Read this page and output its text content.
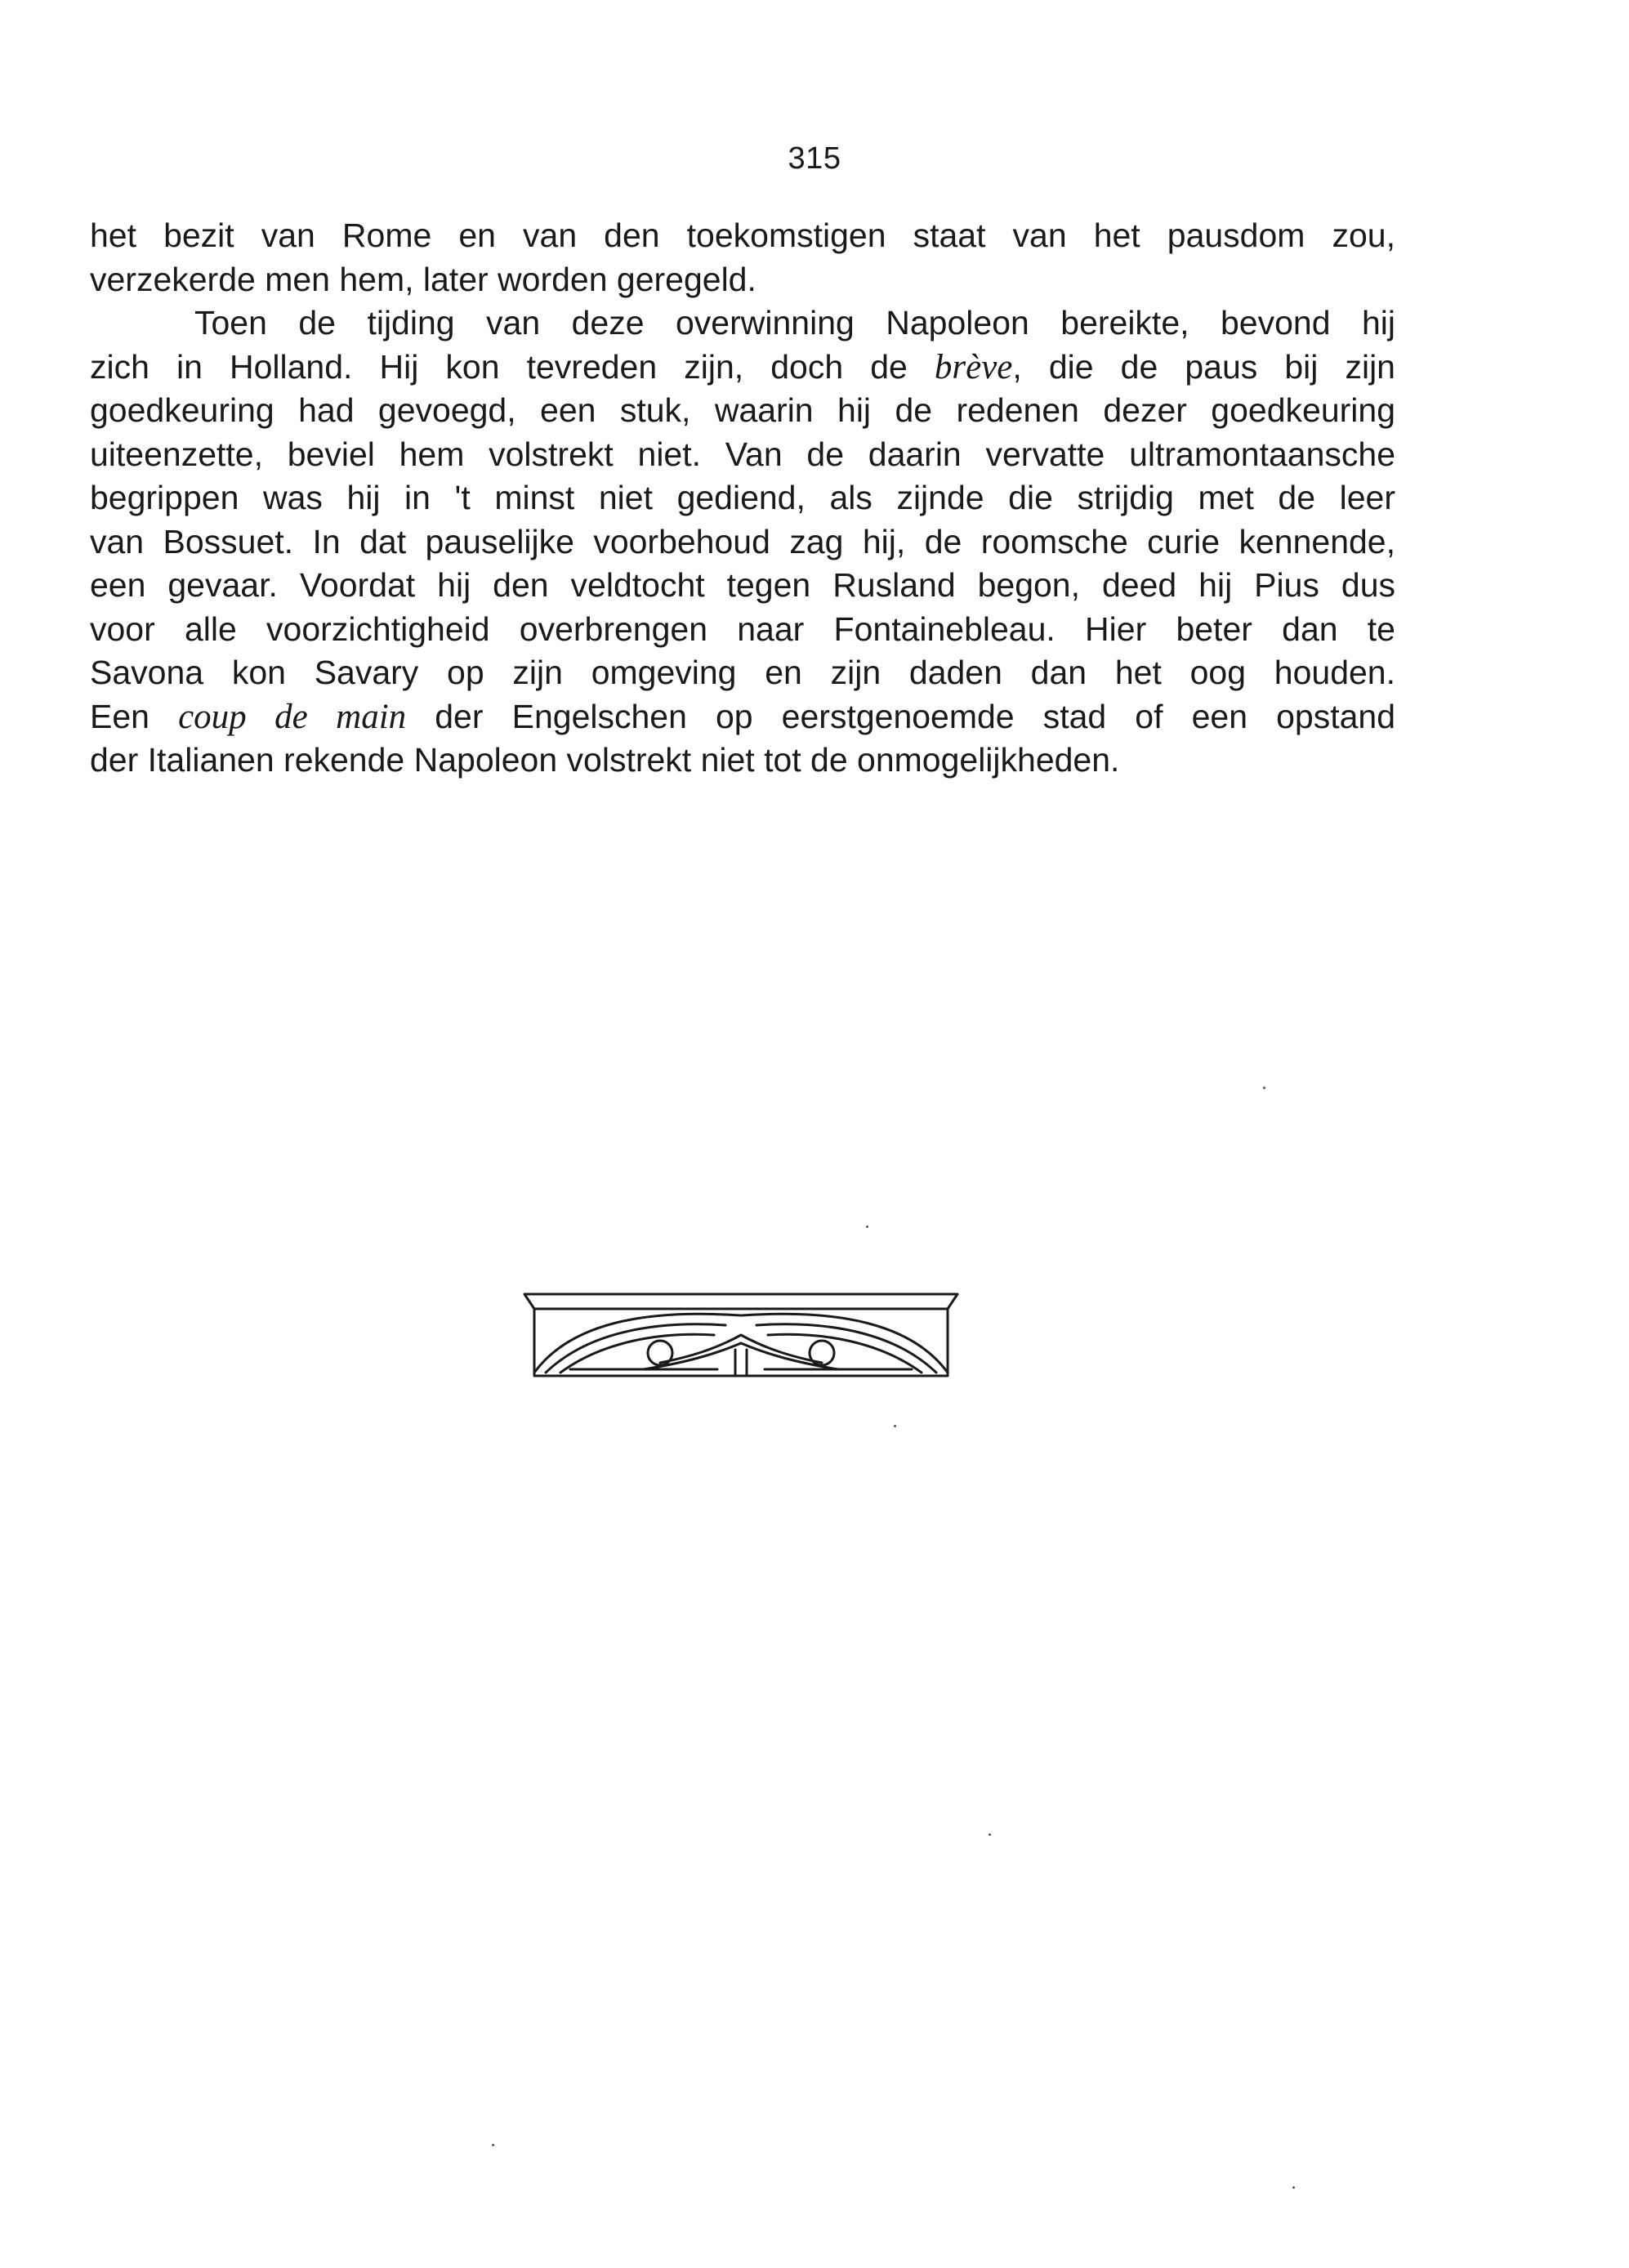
315
het bezit van Rome en van den toekomstigen staat van het pausdom zou,
verzekerde men hem, later worden geregeld.
Toen de tijding van deze overwinning Napoleon bereikte, bevond hij
zich in Holland. Hij kon tevreden zijn, doch de brève, die de paus bij zijn
goedkeuring had gevoegd, een stuk, waarin hij de redenen dezer goedkeuring
uiteenzette, beviel hem volstrekt niet. Van de daarin vervatte ultramontaansche
begrippen was hij in 't minst niet gediend, als zijnde die strijdig met de leer
van Bossuet. In dat pauselijke voorbehoud zag hij, de roomsche curie kennende,
een gevaar. Voordat hij den veldtocht tegen Rusland begon, deed hij Pius dus
voor alle voorzichtigheid overbrengen naar Fontainebleau. Hier beter dan te
Savona kon Savary op zijn omgeving en zijn daden dan het oog houden.
Een coup de main der Engelschen op eerstgenoemde stad of een opstand
der Italianen rekende Napoleon volstrekt niet tot de onmogelijkheden.
